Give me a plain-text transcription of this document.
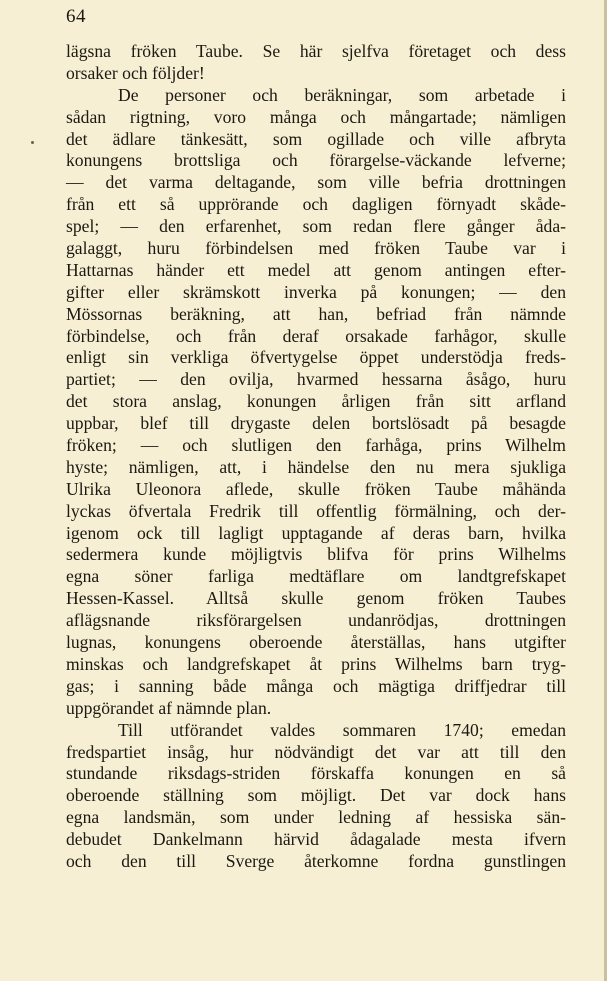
64
lägsna fröken Taube. Se här sjelfva företaget och dess
orsaker och följder!
De personer och beräkningar, som arbetade i
sådan rigtning, voro många och mångartade; nämligen
det ädlare tänkesätt, som ogillade och ville afbryta
konungens brottsliga och förargelse-väckande lefverne;
— det varma deltagande, som ville befria drottningen
från ett så upprörande och dagligen förnyadt skåde-
spel; — den erfarenhet, som redan flere gånger åda-
galaggt, huru förbindelsen med fröken Taube var i
Hattarnas händer ett medel att genom antingen efter-
gifter eller skrämskott inverka på konungen; — den
Mössornas beräkning, att han, befriad från nämnde
förbindelse, och från deraf orsakade farhågor, skulle
enligt sin verkliga öfvertygelse öppet understödja freds-
partiet; — den ovilja, hvarmed hessarna åsågo, huru
det stora anslag, konungen årligen från sitt arfland
uppbar, blef till drygaste delen bortslösadt på besagde
fröken; — och slutligen den farhåga, prins Wilhelm
hyste; nämligen, att, i händelse den nu mera sjukliga
Ulrika Uleonora aflede, skulle fröken Taube måhända
lyckas öfvertala Fredrik till offentlig förmälning, och der-
igenom ock till lagligt upptagande af deras barn, hvilka
sedermera kunde möjligtvis blifva för prins Wilhelms
egna söner farliga medtäflare om landtgrefskapet
Hessen-Kassel. Alltså skulle genom fröken Taubes
aflägsnande riksförargelsen undanrödjas, drottningen
lugnas, konungens oberoende återställas, hans utgifter
minskas och landgrefskapet åt prins Wilhelms barn tryg-
gas; i sanning både många och mägtiga driffjedrar till
uppgörandet af nämnde plan.
Till utförandet valdes sommaren 1740; emedan
fredspartiet insåg, hur nödvändigt det var att till den
stundande riksdags-striden förskaffa konungen en så
oberoende ställning som möjligt. Det var dock hans
egna landsmän, som under ledning af hessiska sän-
debudet Dankelmann härvid ådagalade mesta ifvern
och den till Sverge återkomne fordna gunstlingen
